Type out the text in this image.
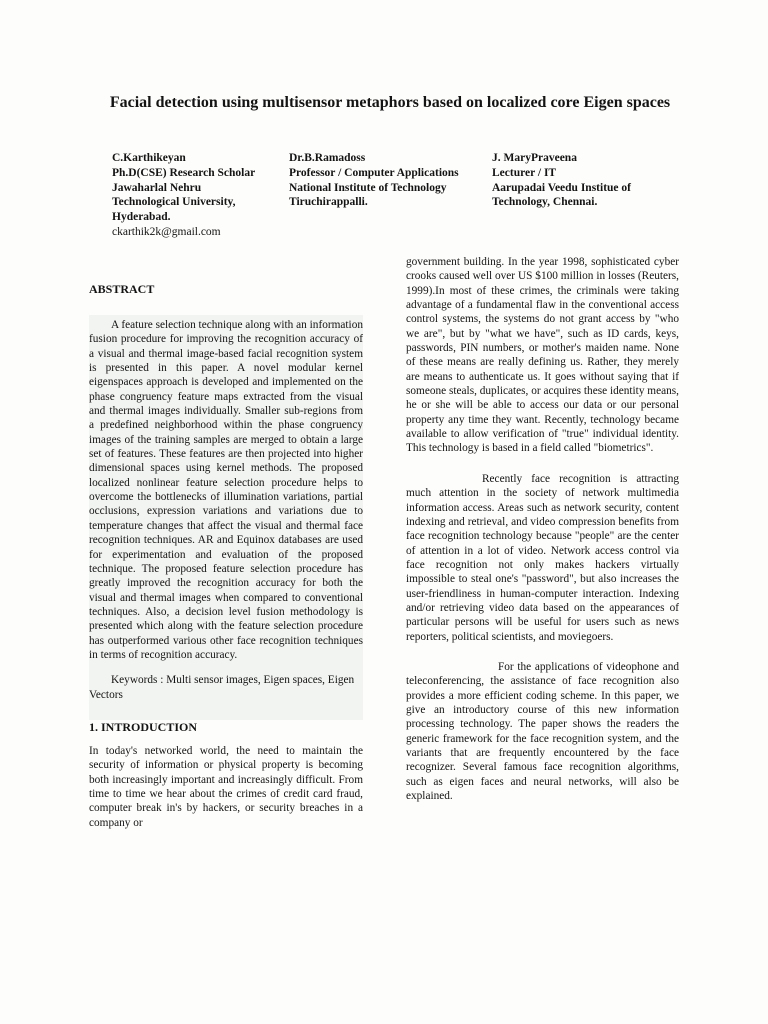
Facial detection using multisensor metaphors based on localized core Eigen spaces
C.Karthikeyan
Ph.D(CSE) Research Scholar
Jawaharlal Nehru
Technological University,
Hyderabad.
ckarthik2k@gmail.com
Dr.B.Ramadoss
Professor / Computer Applications
National Institute of Technology
Tiruchirappalli.
J. MaryPraveena
Lecturer / IT
Aarupadai Veedu Institue of
Technology, Chennai.
ABSTRACT

A feature selection technique along with an information fusion procedure for improving the recognition accuracy of a visual and thermal image-based facial recognition system is presented in this paper. A novel modular kernel eigenspaces approach is developed and implemented on the phase congruency feature maps extracted from the visual and thermal images individually. Smaller sub-regions from a predefined neighborhood within the phase congruency images of the training samples are merged to obtain a large set of features. These features are then projected into higher dimensional spaces using kernel methods. The proposed localized nonlinear feature selection procedure helps to overcome the bottlenecks of illumination variations, partial occlusions, expression variations and variations due to temperature changes that affect the visual and thermal face recognition techniques. AR and Equinox databases are used for experimentation and evaluation of the proposed technique. The proposed feature selection procedure has greatly improved the recognition accuracy for both the visual and thermal images when compared to conventional techniques. Also, a decision level fusion methodology is presented which along with the feature selection procedure has outperformed various other face recognition techniques in terms of recognition accuracy.

Keywords : Multi sensor images, Eigen spaces, Eigen Vectors

1. INTRODUCTION

In today's networked world, the need to maintain the security of information or physical property is becoming both increasingly important and increasingly difficult. From time to time we hear about the crimes of credit card fraud, computer break in's by hackers, or security breaches in a company or

government building. In the year 1998, sophisticated cyber crooks caused well over US $100 million in losses (Reuters, 1999).In most of these crimes, the criminals were taking advantage of a fundamental flaw in the conventional access control systems, the systems do not grant access by "who we are", but by "what we have", such as ID cards, keys, passwords, PIN numbers, or mother's maiden name. None of these means are really defining us. Rather, they merely are means to authenticate us. It goes without saying that if someone steals, duplicates, or acquires these identity means, he or she will be able to access our data or our personal property any time they want. Recently, technology became available to allow verification of "true" individual identity. This technology is based in a field called "biometrics".

Recently face recognition is attracting much attention in the society of network multimedia information access. Areas such as network security, content indexing and retrieval, and video compression benefits from face recognition technology because "people" are the center of attention in a lot of video. Network access control via face recognition not only makes hackers virtually impossible to steal one's "password", but also increases the user-friendliness in human-computer interaction. Indexing and/or retrieving video data based on the appearances of particular persons will be useful for users such as news reporters, political scientists, and moviegoers.

For the applications of videophone and teleconferencing, the assistance of face recognition also provides a more efficient coding scheme. In this paper, we give an introductory course of this new information processing technology. The paper shows the readers the generic framework for the face recognition system, and the variants that are frequently encountered by the face recognizer. Several famous face recognition algorithms, such as eigen faces and neural networks, will also be explained.
